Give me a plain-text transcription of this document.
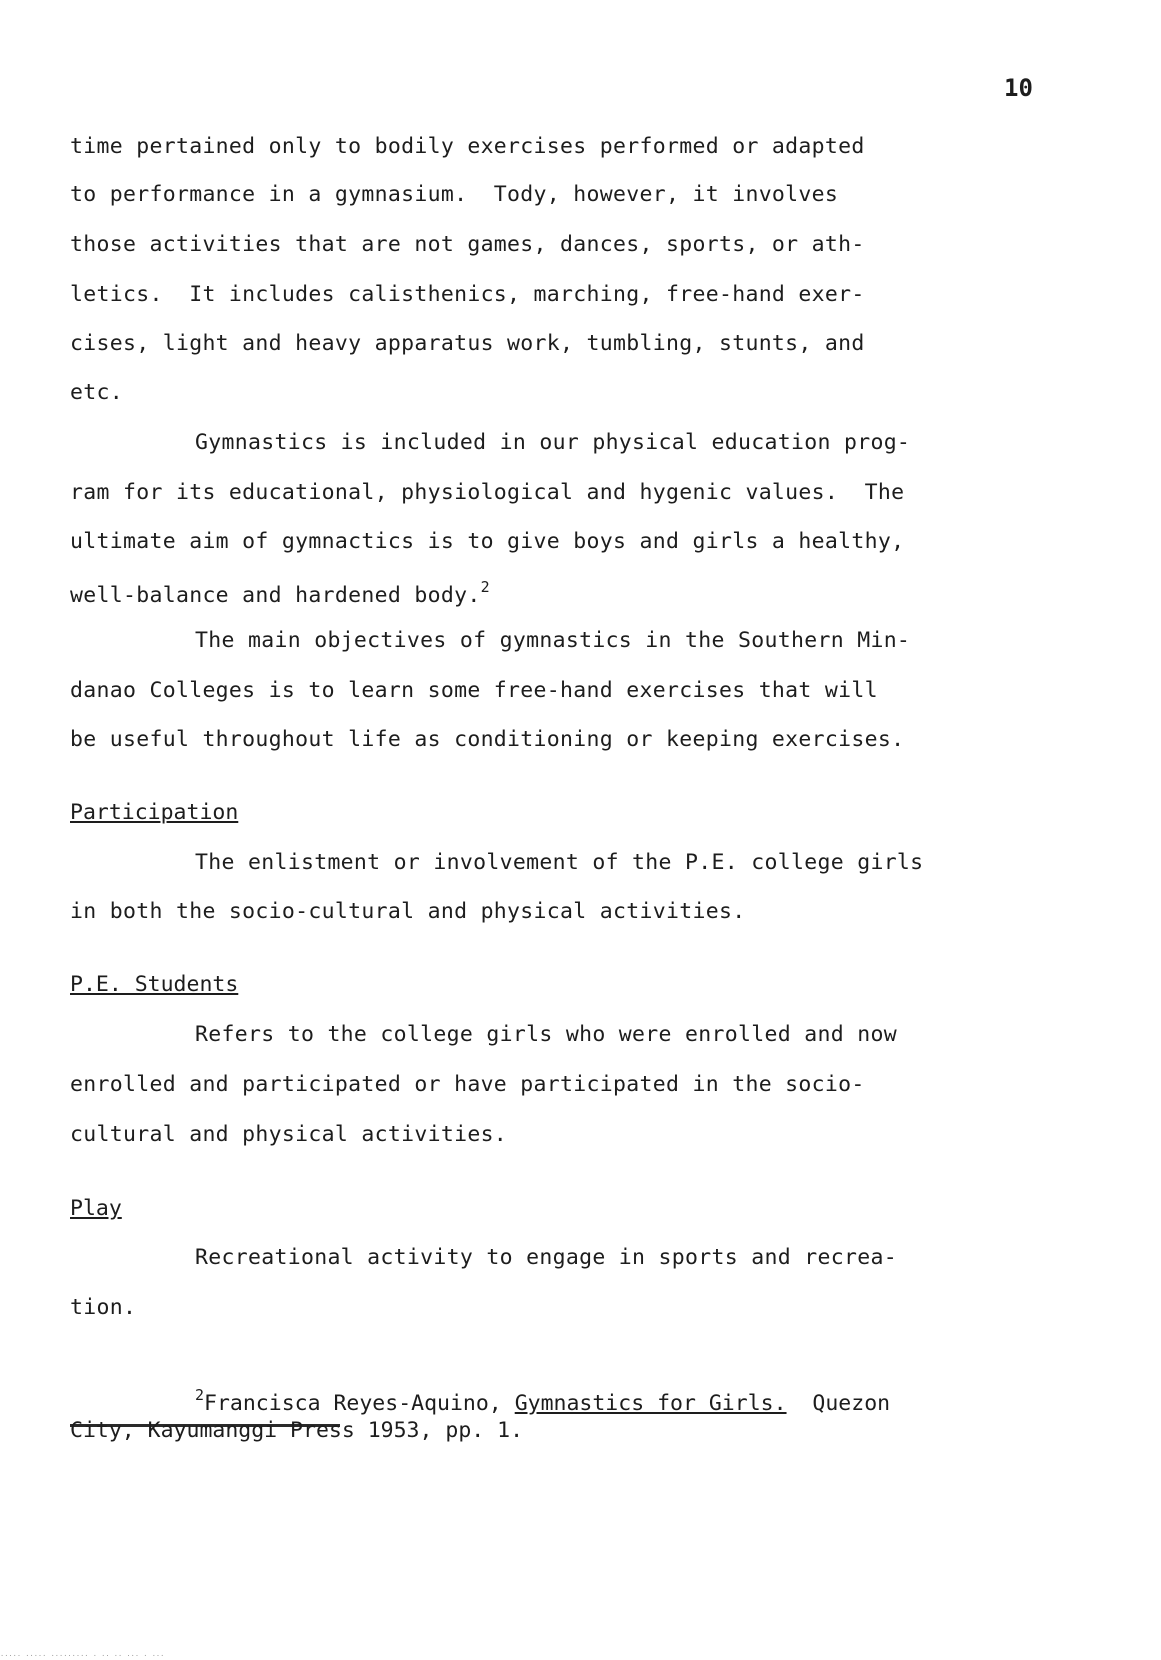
10
time pertained only to bodily exercises performed or adapted
to performance in a gymnasium.  Tody, however, it involves
those activities that are not games, dances, sports, or ath-
letics.  It includes calisthenics, marching, free-hand exer-
cises, light and heavy apparatus work, tumbling, stunts, and
etc.
Gymnastics is included in our physical education prog-
ram for its educational, physiological and hygenic values.  The
ultimate aim of gymnactics is to give boys and girls a healthy,
well-balance and hardened body.$^2$
The main objectives of gymnastics in the Southern Min-
danao Colleges is to learn some free-hand exercises that will
be useful throughout life as conditioning or keeping exercises.
Participation
The enlistment or involvement of the P.E. college girls
in both the socio-cultural and physical activities.
P.E. Students
Refers to the college girls who were enrolled and now
enrolled and participated or have participated in the socio-
cultural and physical activities.
Play
Recreational activity to engage in sports and recrea-
tion.
$^2$Francisca Reyes-Aquino, Gymnastics for Girls. Quezon
City, Kayumanggi Press 1953, pp. 1.
..... ..... ......... . .. .. ... . ...
